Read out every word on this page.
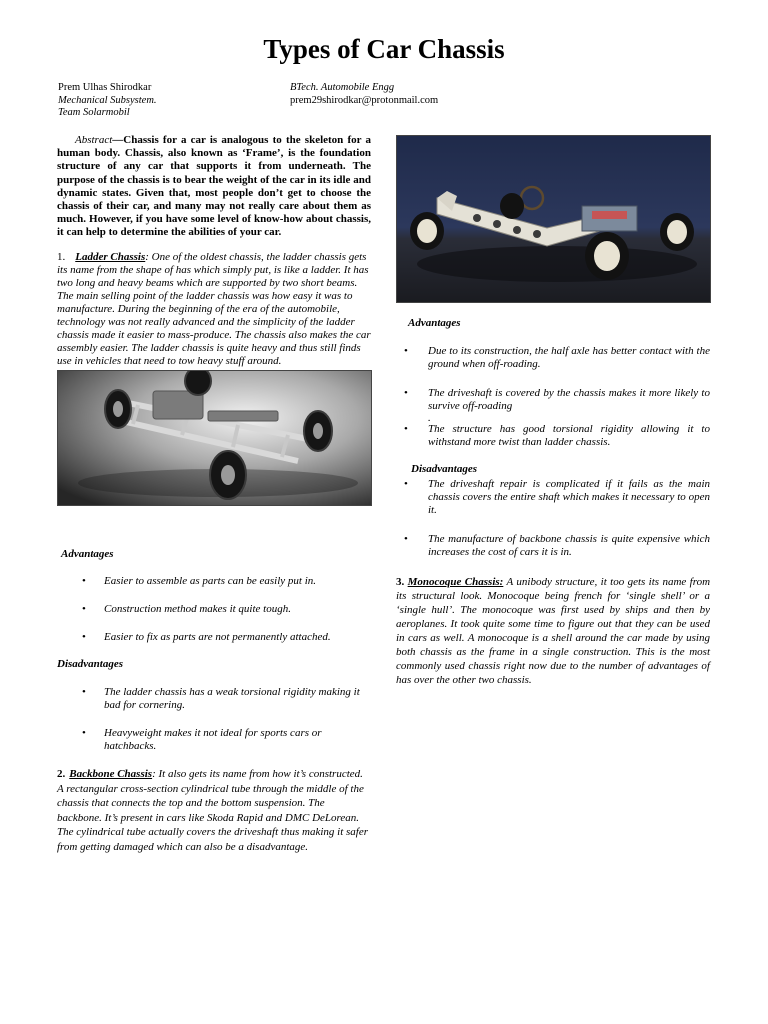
Types of Car Chassis
Prem Ulhas Shirodkar
Mechanical Subsystem.
Team Solarmobil
BTech. Automobile Engg
prem29shirodkar@protonmail.com

Abstract—Chassis for a car is analogous to the skeleton for a human body. Chassis, also known as ‘Frame’, is the foundation structure of any car that supports it from underneath. The purpose of the chassis is to bear the weight of the car in its idle and dynamic states. Given that, most people don’t get to choose the chassis of their car, and many may not really care about them as much. However, if you have some level of know-how about chassis, it can help to determine the abilities of your car.

1. Ladder Chassis: One of the oldest chassis, the ladder chassis gets its name from the shape of has which simply put, is like a ladder. It has two long and heavy beams which are supported by two short beams. The main selling point of the ladder chassis was how easy it was to manufacture. During the beginning of the era of the automobile, technology was not really advanced and the simplicity of the ladder chassis made it easier to mass-produce. The chassis also makes the car assembly easier. The ladder chassis is quite heavy and thus still finds use in vehicles that need to tow heavy stuff around.

Advantages
• Easier to assemble as parts can be easily put in.
• Construction method makes it quite tough.
• Easier to fix as parts are not permanently attached.
Disadvantages
• The ladder chassis has a weak torsional rigidity making it bad for cornering.
• Heavyweight makes it not ideal for sports cars or hatchbacks.

2. Backbone Chassis: It also gets its name from how it’s constructed. A rectangular cross-section cylindrical tube through the middle of the chassis that connects the top and the bottom suspension. The backbone. It’s present in cars like Skoda Rapid and DMC DeLorean. The cylindrical tube actually covers the driveshaft thus making it safer from getting damaged which can also be a disadvantage.

Advantages
• Due to its construction, the half axle has better contact with the ground when off-roading.
• The driveshaft is covered by the chassis makes it more likely to survive off-roading
.
• The structure has good torsional rigidity allowing it to withstand more twist than ladder chassis.
Disadvantages
• The driveshaft repair is complicated if it fails as the main chassis covers the entire shaft which makes it necessary to open it.
• The manufacture of backbone chassis is quite expensive which increases the cost of cars it is in.

3. Monocoque Chassis: A unibody structure, it too gets its name from its structural look. Monocoque being french for ‘single shell’ or a ‘single hull’. The monocoque was first used by ships and then by aeroplanes. It took quite some time to figure out that they can be used in cars as well. A monocoque is a shell around the car made by using both chassis as the frame in a single construction. This is the most commonly used chassis right now due to the number of advantages of has over the other two chassis.
